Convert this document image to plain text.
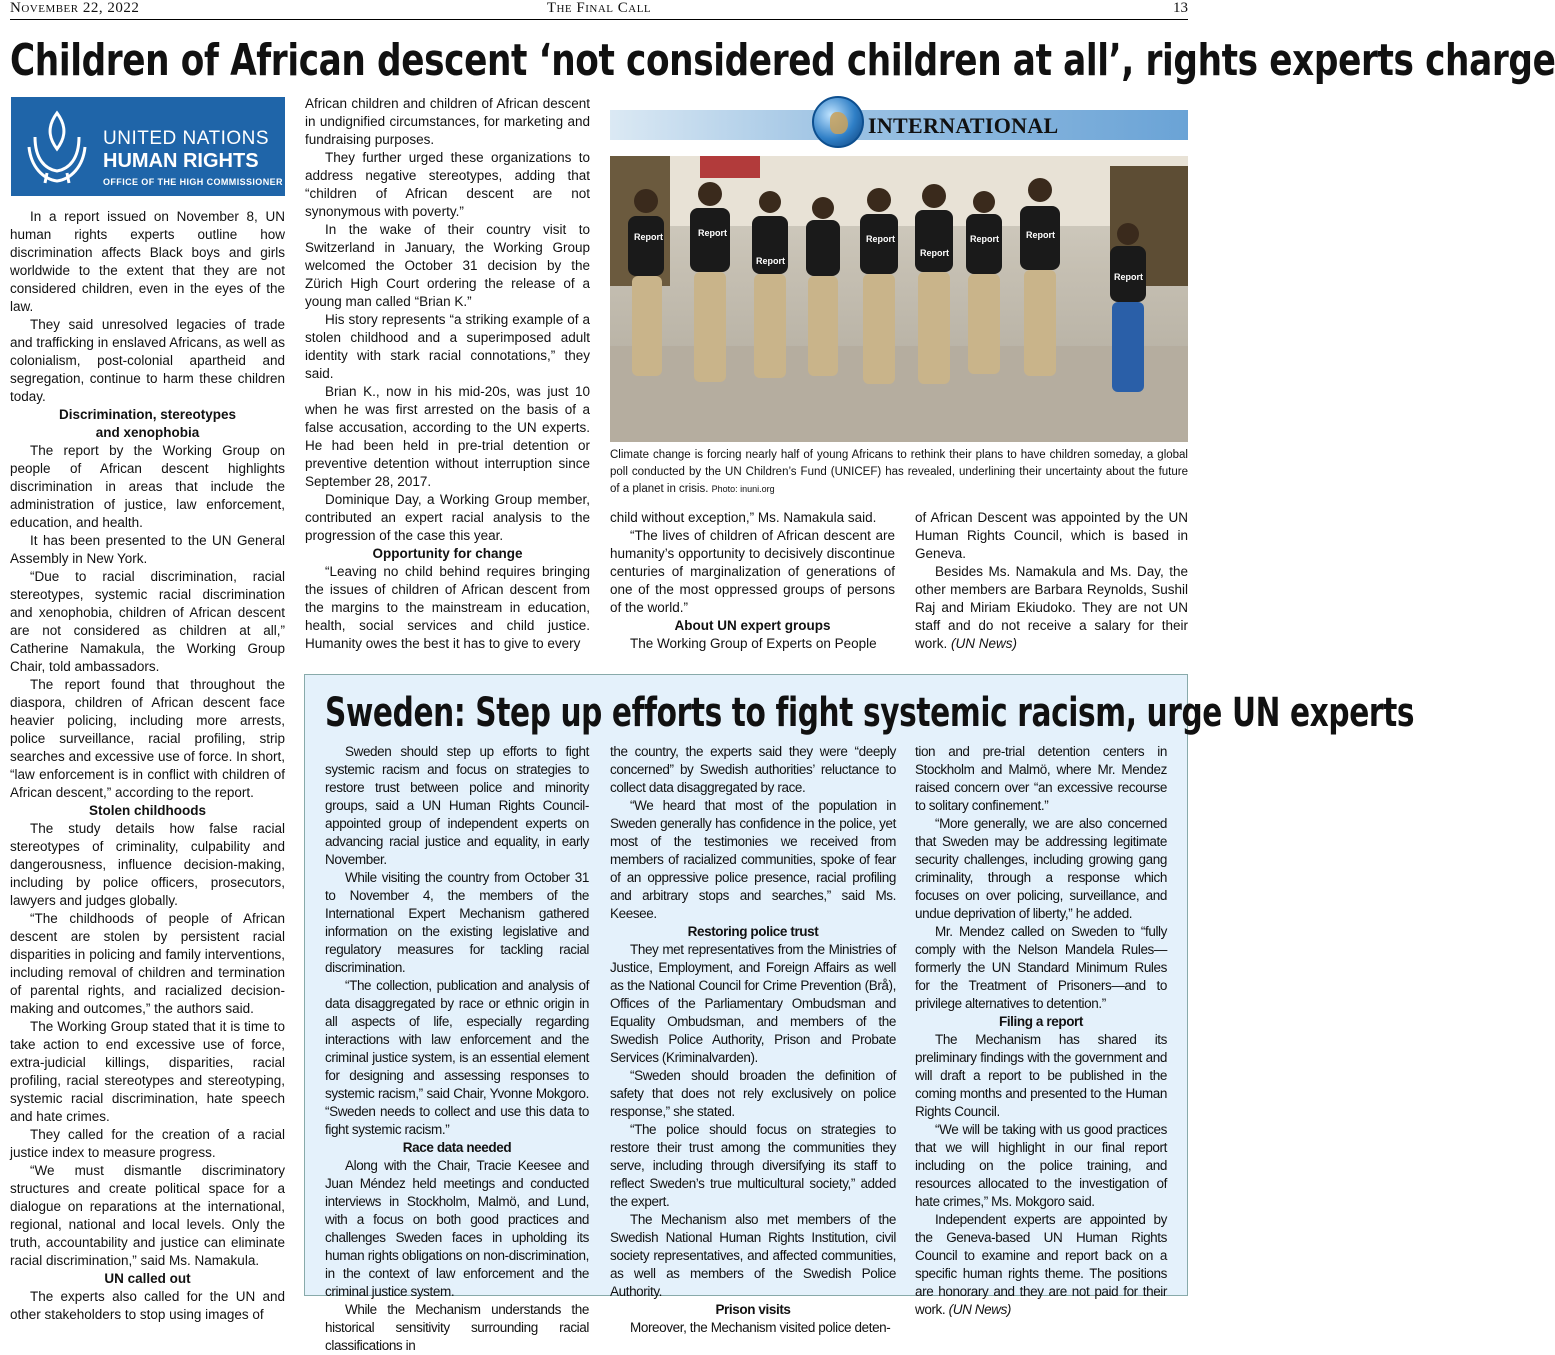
November 22, 2022	The Final Call	13
Children of African descent ‘not considered children at all’, rights experts charge
UNITED NATIONS
HUMAN RIGHTS
OFFICE OF THE HIGH COMMISSIONER

In a report issued on November 8, UN human rights experts outline how discrimination affects Black boys and girls worldwide to the extent that they are not considered children, even in the eyes of the law.

They said unresolved legacies of trade and trafficking in enslaved Africans, as well as colonialism, post-colonial apartheid and segregation, continue to harm these children today.

Discrimination, stereotypes and xenophobia

The report by the Working Group on people of African descent highlights discrimination in areas that include the administration of justice, law enforcement, education, and health.

It has been presented to the UN General Assembly in New York.

“Due to racial discrimination, racial stereotypes, systemic racial discrimination and xenophobia, children of African descent are not considered as children at all,” Catherine Namakula, the Working Group Chair, told ambassadors.

The report found that throughout the diaspora, children of African descent face heavier policing, including more arrests, police surveillance, racial profiling, strip searches and excessive use of force. In short, “law enforcement is in conflict with children of African descent,” according to the report.

Stolen childhoods

The study details how false racial stereotypes of criminality, culpability and dangerousness, influence decision-making, including by police officers, prosecutors, lawyers and judges globally.

“The childhoods of people of African descent are stolen by persistent racial disparities in policing and family interventions, including removal of children and termination of parental rights, and racialized decision-making and outcomes,” the authors said.

The Working Group stated that it is time to take action to end excessive use of force, extra-judicial killings, disparities, racial profiling, racial stereotypes and stereotyping, systemic racial discrimination, hate speech and hate crimes.

They called for the creation of a racial justice index to measure progress.

“We must dismantle discriminatory structures and create political space for a dialogue on reparations at the international, regional, national and local levels. Only the truth, accountability and justice can eliminate racial discrimination,” said Ms. Namakula.

UN called out

The experts also called for the UN and other stakeholders to stop using images of

African children and children of African descent in undignified circumstances, for marketing and fundraising purposes.

They further urged these organizations to address negative stereotypes, adding that “children of African descent are not synonymous with poverty.”

In the wake of their country visit to Switzerland in January, the Working Group welcomed the October 31 decision by the Zürich High Court ordering the release of a young man called “Brian K.”

His story represents “a striking example of a stolen childhood and a superimposed adult identity with stark racial connotations,” they said.

Brian K., now in his mid-20s, was just 10 when he was first arrested on the basis of a false accusation, according to the UN experts. He had been held in pre-trial detention or preventive detention without interruption since September 28, 2017.

Dominique Day, a Working Group member, contributed an expert racial analysis to the progression of the case this year.

Opportunity for change

“Leaving no child behind requires bringing the issues of children of African descent from the margins to the mainstream in education, health, social services and child justice. Humanity owes the best it has to give to every

INTERNATIONAL
Report	Report
Report
Report
Report
Report	Report
Report
Climate change is forcing nearly half of young Africans to rethink their plans to have children someday, a global poll conducted by the UN Children’s Fund (UNICEF) has revealed, underlining their uncertainty about the future of a planet in crisis. Photo: inuni.org

child without exception,” Ms. Namakula said.

“The lives of children of African descent are humanity’s opportunity to decisively discontinue centuries of marginalization of generations of one of the most oppressed groups of persons of the world.”

About UN expert groups

The Working Group of Experts on People

of African Descent was appointed by the UN Human Rights Council, which is based in Geneva.

Besides Ms. Namakula and Ms. Day, the other members are Barbara Reynolds, Sushil Raj and Miriam Ekiudoko. They are not UN staff and do not receive a salary for their work. (UN News)

Sweden: Step up efforts to fight systemic racism, urge UN experts

Sweden should step up efforts to fight systemic racism and focus on strategies to restore trust between police and minority groups, said a UN Human Rights Council-appointed group of independent experts on advancing racial justice and equality, in early November.

While visiting the country from October 31 to November 4, the members of the International Expert Mechanism gathered information on the existing legislative and regulatory measures for tackling racial discrimination.

“The collection, publication and analysis of data disaggregated by race or ethnic origin in all aspects of life, especially regarding interactions with law enforcement and the criminal justice system, is an essential element for designing and assessing responses to systemic racism,” said Chair, Yvonne Mokgoro. “Sweden needs to collect and use this data to fight systemic racism.”

Race data needed

Along with the Chair, Tracie Keesee and Juan Méndez held meetings and conducted interviews in Stockholm, Malmö, and Lund, with a focus on both good practices and challenges Sweden faces in upholding its human rights obligations on non-discrimination, in the context of law enforcement and the criminal justice system.

While the Mechanism understands the historical sensitivity surrounding racial classifications in

the country, the experts said they were “deeply concerned” by Swedish authorities’ reluctance to collect data disaggregated by race.

“We heard that most of the population in Sweden generally has confidence in the police, yet most of the testimonies we received from members of racialized communities, spoke of fear of an oppressive police presence, racial profiling and arbitrary stops and searches,” said Ms. Keesee.

Restoring police trust

They met representatives from the Ministries of Justice, Employment, and Foreign Affairs as well as the National Council for Crime Prevention (Brå), Offices of the Parliamentary Ombudsman and Equality Ombudsman, and members of the Swedish Police Authority, Prison and Probate Services (Kriminalvarden).

“Sweden should broaden the definition of safety that does not rely exclusively on police response,” she stated.

“The police should focus on strategies to restore their trust among the communities they serve, including through diversifying its staff to reflect Sweden’s true multicultural society,” added the expert.

The Mechanism also met members of the Swedish National Human Rights Institution, civil society representatives, and affected communities, as well as members of the Swedish Police Authority.

Prison visits

Moreover, the Mechanism visited police deten-

tion and pre-trial detention centers in Stockholm and Malmö, where Mr. Mendez raised concern over “an excessive recourse to solitary confinement.”

“More generally, we are also concerned that Sweden may be addressing legitimate security challenges, including growing gang criminality, through a response which focuses on over policing, surveillance, and undue deprivation of liberty,” he added.

Mr. Mendez called on Sweden to “fully comply with the Nelson Mandela Rules—formerly the UN Standard Minimum Rules for the Treatment of Prisoners—and to privilege alternatives to detention.”

Filing a report

The Mechanism has shared its preliminary findings with the government and will draft a report to be published in the coming months and presented to the Human Rights Council.

“We will be taking with us good practices that we will highlight in our final report including on the police training, and resources allocated to the investigation of hate crimes,” Ms. Mokgoro said.

Independent experts are appointed by the Geneva-based UN Human Rights Council to examine and report back on a specific human rights theme. The positions are honorary and they are not paid for their work. (UN News)
